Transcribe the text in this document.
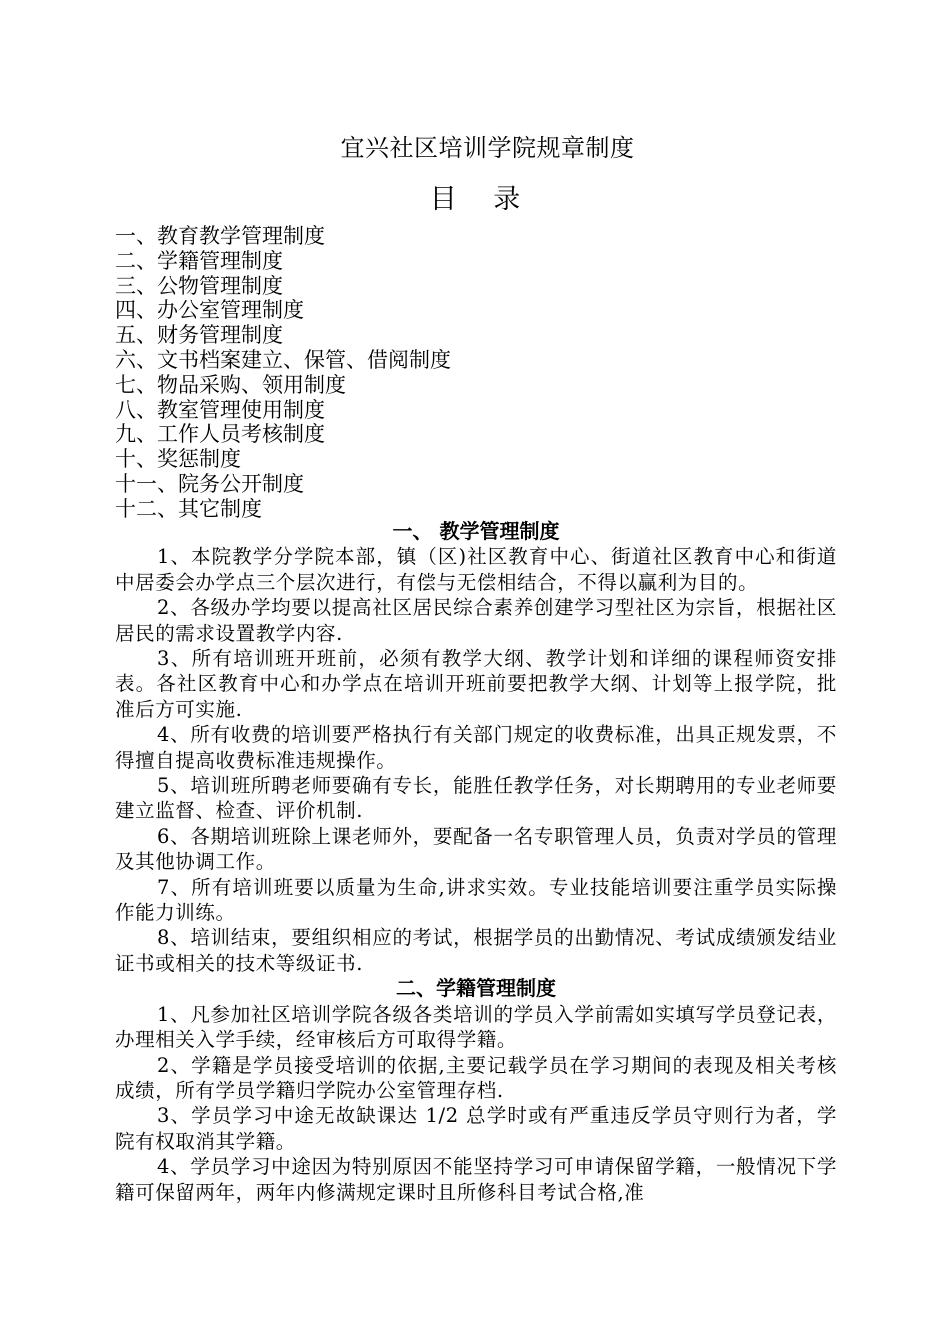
宜兴社区培训学院规章制度
目 录
一、教育教学管理制度
二、学籍管理制度
三、公物管理制度
四、办公室管理制度
五、财务管理制度
六、文书档案建立、保管、借阅制度
七、物品采购、领用制度
八、教室管理使用制度
九、工作人员考核制度
十、奖惩制度
十一、院务公开制度
十二、其它制度
一、 教学管理制度

1、本院教学分学院本部，镇（区)社区教育中心、街道社区教育中心和街道中居委会办学点三个层次进行，有偿与无偿相结合，不得以赢利为目的。

2、各级办学均要以提高社区居民综合素养创建学习型社区为宗旨，根据社区居民的需求设置教学内容.

3、所有培训班开班前，必须有教学大纲、教学计划和详细的课程师资安排表。各社区教育中心和办学点在培训开班前要把教学大纲、计划等上报学院，批准后方可实施.

4、所有收费的培训要严格执行有关部门规定的收费标准，出具正规发票，不得擅自提高收费标准违规操作。

5、培训班所聘老师要确有专长，能胜任教学任务，对长期聘用的专业老师要建立监督、检查、评价机制.

6、各期培训班除上课老师外，要配备一名专职管理人员，负责对学员的管理及其他协调工作。

7、所有培训班要以质量为生命,讲求实效。专业技能培训要注重学员实际操作能力训练。

8、培训结束，要组织相应的考试，根据学员的出勤情况、考试成绩颁发结业证书或相关的技术等级证书.

二、学籍管理制度

1、凡参加社区培训学院各级各类培训的学员入学前需如实填写学员登记表，办理相关入学手续，经审核后方可取得学籍。

2、学籍是学员接受培训的依据,主要记载学员在学习期间的表现及相关考核成绩，所有学员学籍归学院办公室管理存档.

3、学员学习中途无故缺课达 1/2 总学时或有严重违反学员守则行为者，学院有权取消其学籍。

4、学员学习中途因为特别原因不能坚持学习可申请保留学籍，一般情况下学籍可保留两年，两年内修满规定课时且所修科目考试合格,准
